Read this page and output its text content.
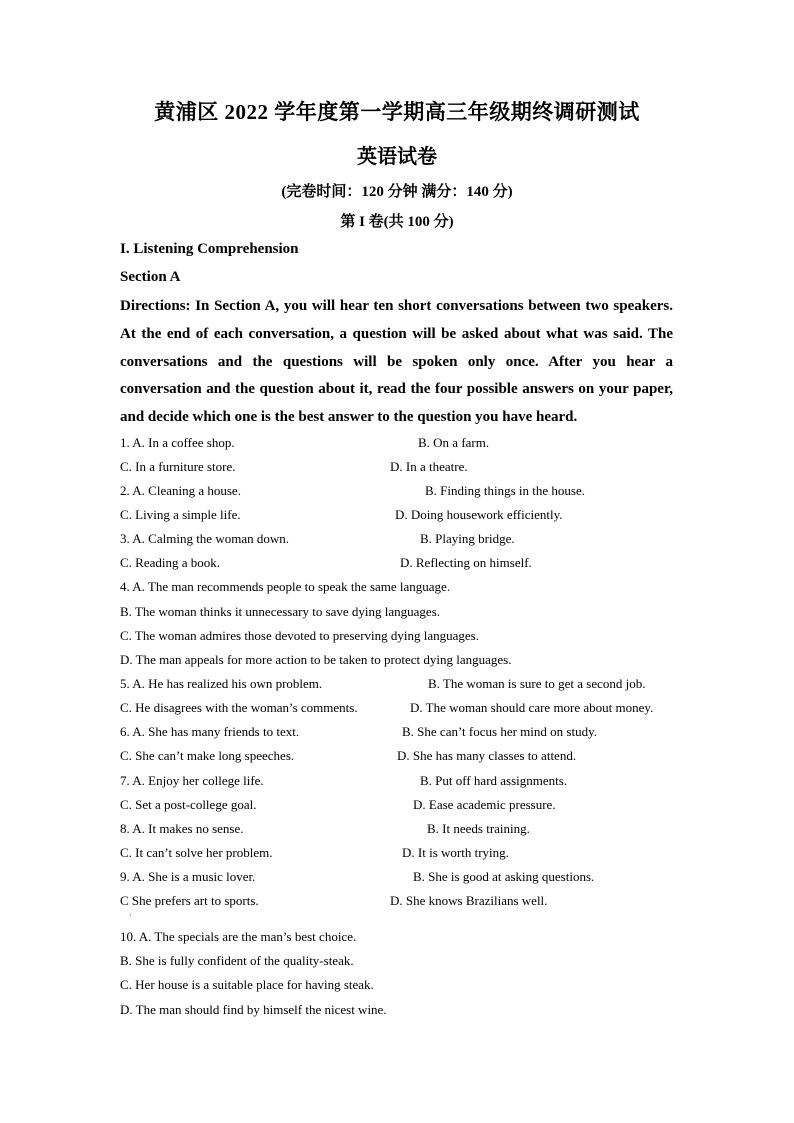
黄浦区 2022 学年度第一学期高三年级期终调研测试
英语试卷
(完卷时间：120 分钟 满分：140 分)
第 I 卷(共 100 分)
I. Listening Comprehension
Section A
Directions: In Section A, you will hear ten short conversations between two speakers. At the end of each conversation, a question will be asked about what was said. The conversations and the questions will be spoken only once. After you hear a conversation and the question about it, read the four possible answers on your paper, and decide which one is the best answer to the question you have heard.
1. A. In a coffee shop.	B. On a farm.
C. In a furniture store.	D. In a theatre.
2. A. Cleaning a house.	B. Finding things in the house.
C. Living a simple life.	D. Doing housework efficiently.
3. A. Calming the woman down.	B. Playing bridge.
C. Reading a book.	D. Reflecting on himself.
4. A. The man recommends people to speak the same language.
B. The woman thinks it unnecessary to save dying languages.
C. The woman admires those devoted to preserving dying languages.
D. The man appeals for more action to be taken to protect dying languages.
5. A. He has realized his own problem.	B. The woman is sure to get a second job.
C. He disagrees with the woman’s comments.	D. The woman should care more about money.
6. A. She has many friends to text.	B. She can’t focus her mind on study.
C. She can’t make long speeches.	D. She has many classes to attend.
7. A. Enjoy her college life.	B. Put off hard assignments.
C. Set a post-college goal.	D. Ease academic pressure.
8. A. It makes no sense.	B. It needs training.
C. It can’t solve her problem.	D. It is worth trying.
9. A. She is a music lover.	B. She is good at asking questions.
C She prefers art to sports.	D. She knows Brazilians well.
·
10. A. The specials are the man’s best choice.
B. She is fully confident of the quality-steak.
C. Her house is a suitable place for having steak.
D. The man should find by himself the nicest wine.
